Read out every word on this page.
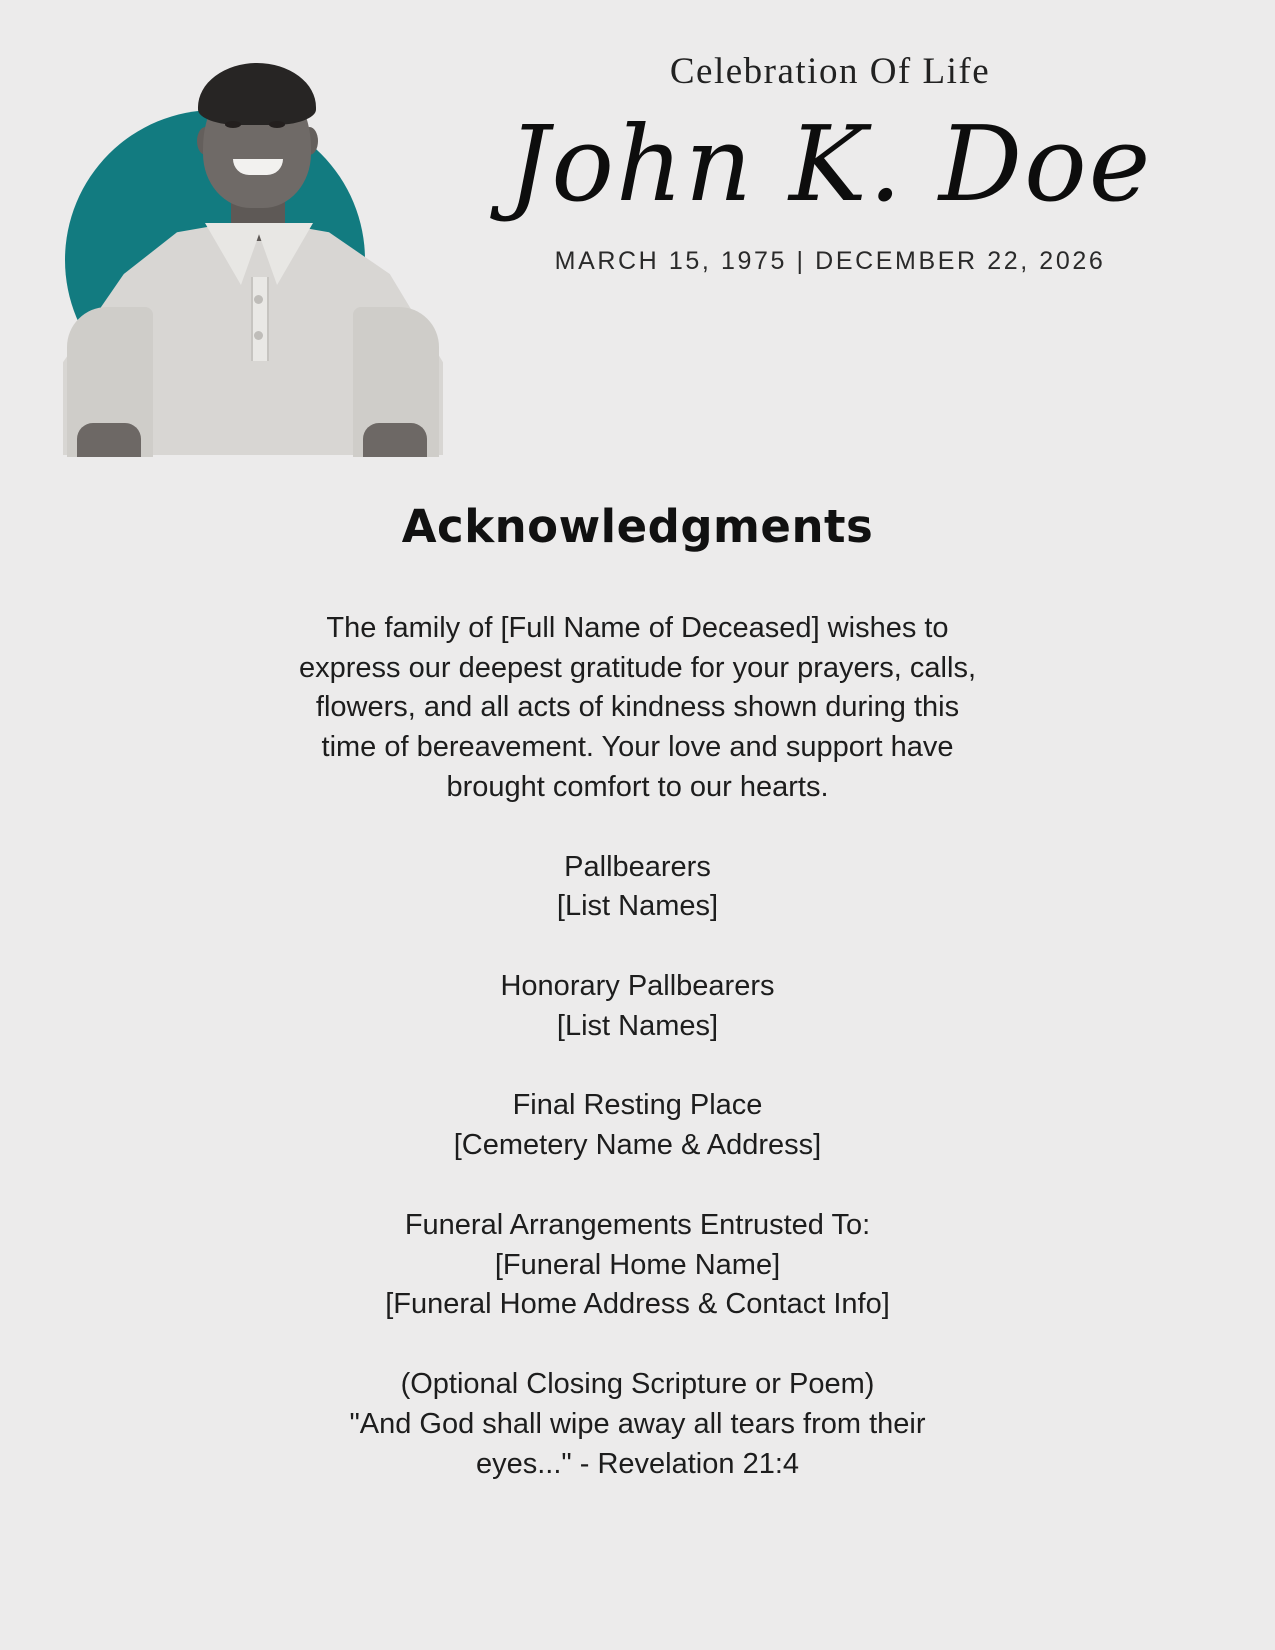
Celebration Of Life
John K. Doe
MARCH 15, 1975 | DECEMBER 22, 2026
Acknowledgments

The family of [Full Name of Deceased] wishes to express our deepest gratitude for your prayers, calls, flowers, and all acts of kindness shown during this time of bereavement. Your love and support have brought comfort to our hearts.

Pallbearers
[List Names]
Honorary Pallbearers
[List Names]
Final Resting Place
[Cemetery Name & Address]
Funeral Arrangements Entrusted To:
[Funeral Home Name]
[Funeral Home Address & Contact Info]
(Optional Closing Scripture or Poem)
"And God shall wipe away all tears from their
eyes..." - Revelation 21:4
